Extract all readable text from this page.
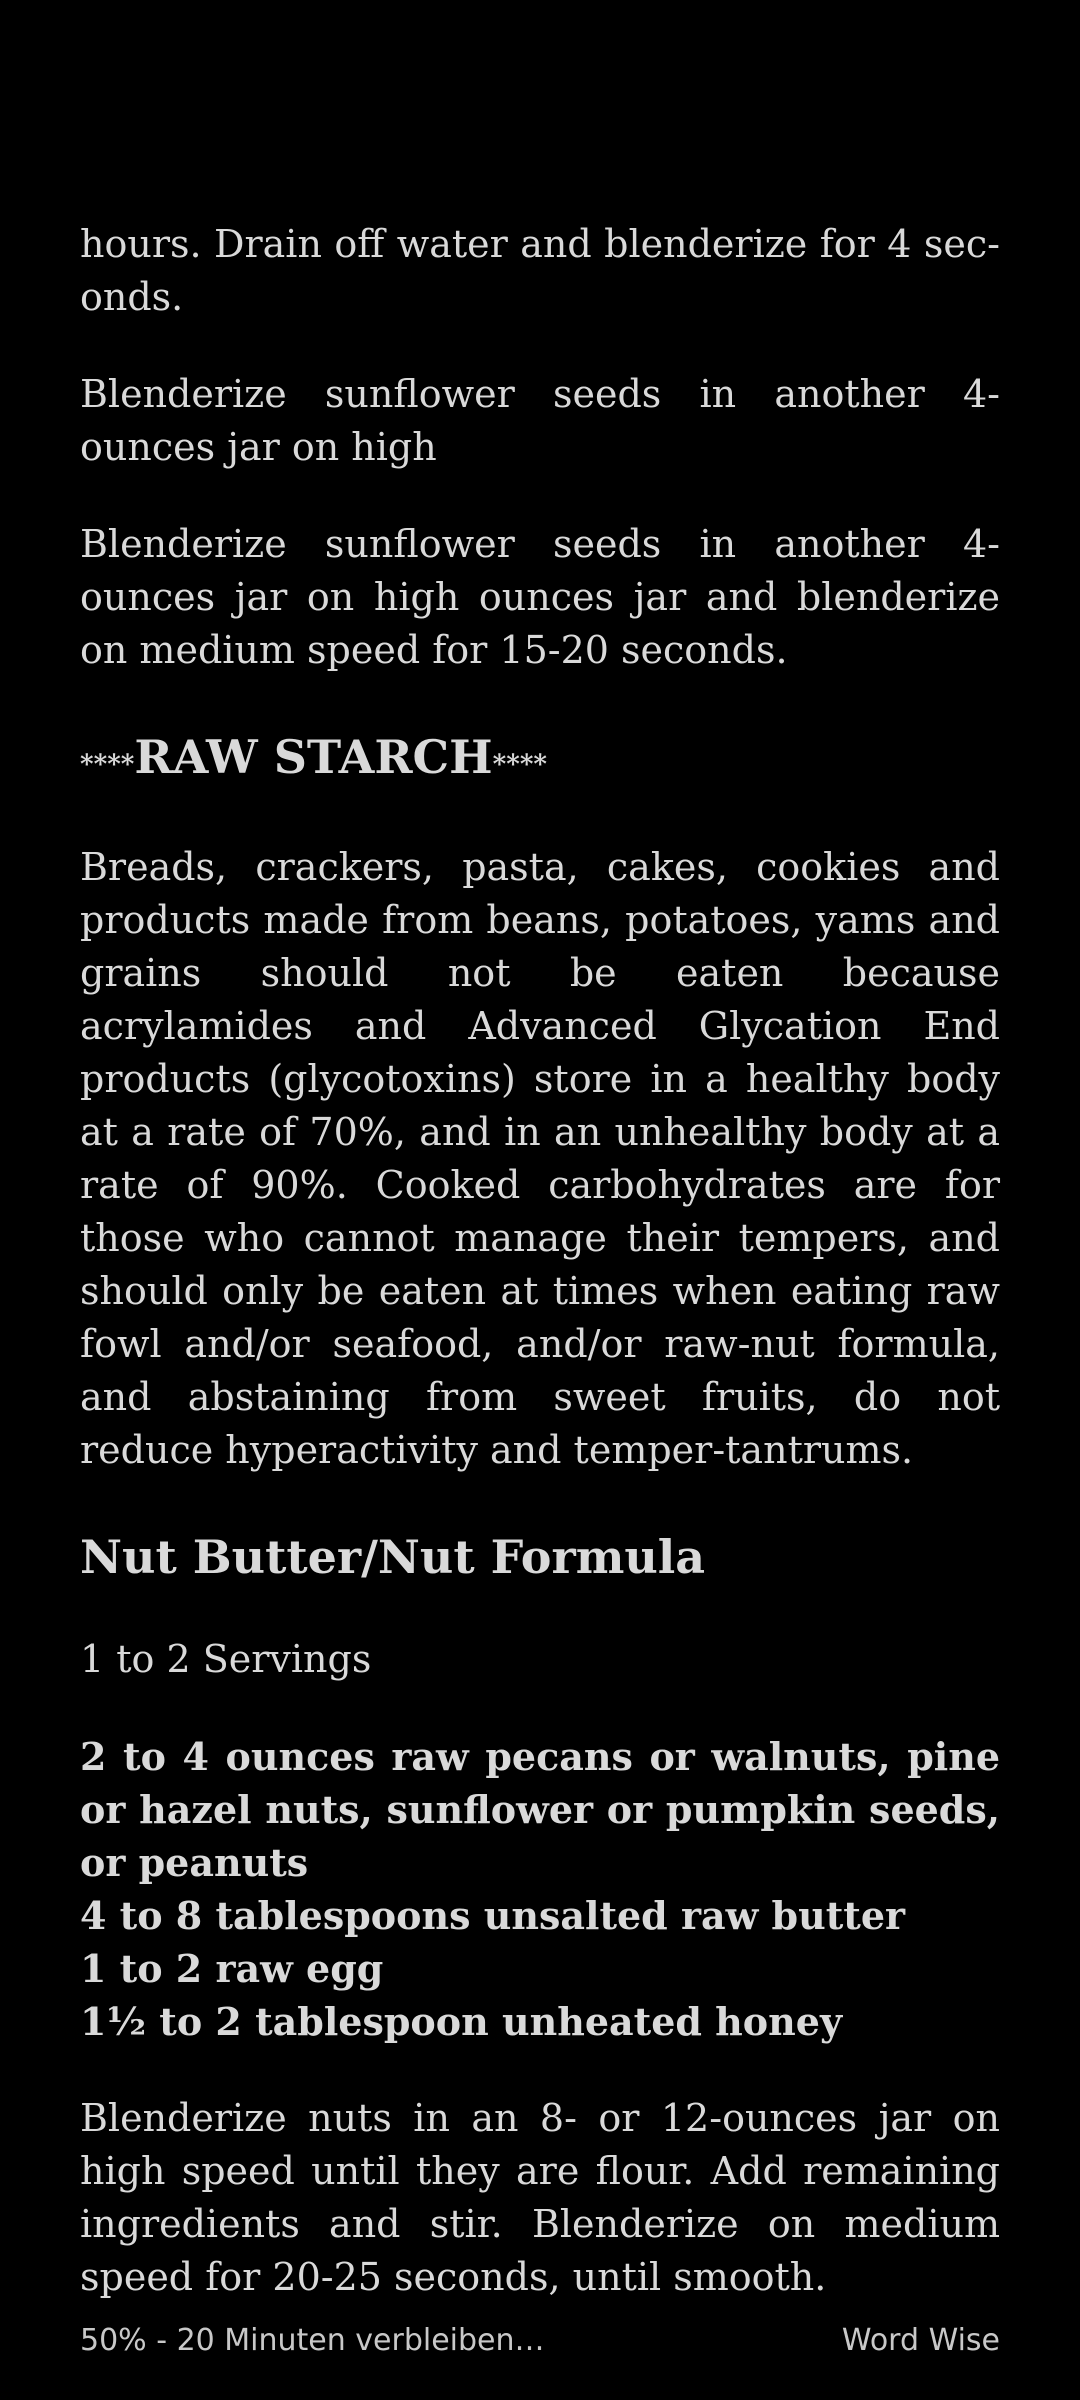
hours. Drain off water and blenderize for 4 seconds.

Blenderize sunflower seeds in another 4-ounces jar on high

Blenderize sunflower seeds in another 4-ounces jar on high ounces jar and blenderize on medium speed for 15-20 seconds.

****RAW STARCH****

Breads, crackers, pasta, cakes, cookies and products made from beans, potatoes, yams and grains should not be eaten because acrylamides and Advanced Glycation End products (glycotoxins) store in a healthy body at a rate of 70%, and in an unhealthy body at a rate of 90%. Cooked carbohydrates are for those who cannot manage their tempers, and should only be eaten at times when eating raw fowl and/or seafood, and/or raw-nut formula, and abstaining from sweet fruits, do not reduce hyperactivity and temper-tantrums.

Nut Butter/Nut Formula

1 to 2 Servings

2 to 4 ounces raw pecans or walnuts, pine or hazel nuts, sunflower or pumpkin seeds, or peanuts

4 to 8 tablespoons unsalted raw butter

1 to 2 raw egg

1½ to 2 tablespoon unheated honey

Blenderize nuts in an 8- or 12-ounces jar on high speed until they are flour. Add remaining ingredients and stir. Blenderize on medium speed for 20-25 seconds, until smooth.

50% - 20 Minuten verbleiben…	Word Wise
